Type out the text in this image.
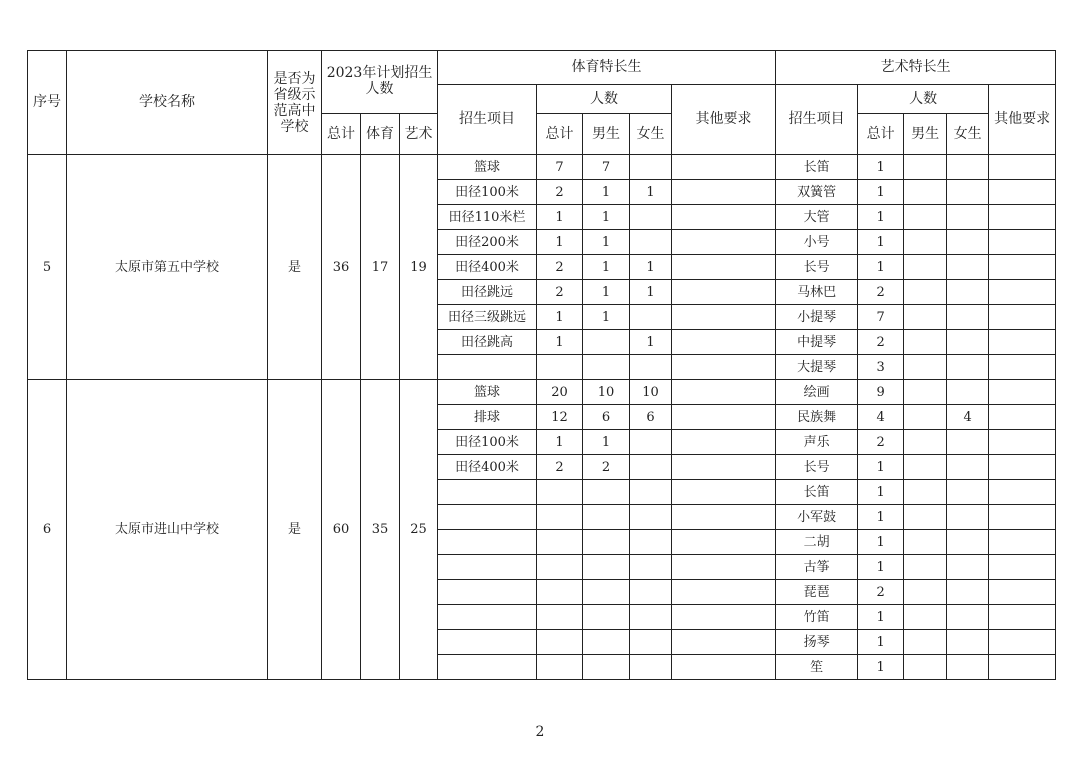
序号	学校名称	是否为省级示范高中学校	2023年计划招生人数			体育特长生					艺术特长生				
						招生项目	人数			其他要求	招生项目	人数			其他要求
			总计	体育	艺术		总计	男生	女生			总计	男生	女生	
5	太原市第五中学校	是	36	17	19	篮球	7	7			长笛	1			
						田径100米	2	1	1		双簧管	1			
						田径110米栏	1	1			大管	1			
						田径200米	1	1			小号	1			
						田径400米	2	1	1		长号	1			
						田径跳远	2	1	1		马林巴	2			
						田径三级跳远	1	1			小提琴	7			
						田径跳高	1		1		中提琴	2			
											大提琴	3			
6	太原市进山中学校	是	60	35	25	篮球	20	10	10		绘画	9			
						排球	12	6	6		民族舞	4		4	
						田径100米	1	1			声乐	2			
						田径400米	2	2			长号	1			
											长笛	1			
											小军鼓	1			
											二胡	1			
											古筝	1			
											琵琶	2			
											竹笛	1			
											扬琴	1			
											笙	1			
2
